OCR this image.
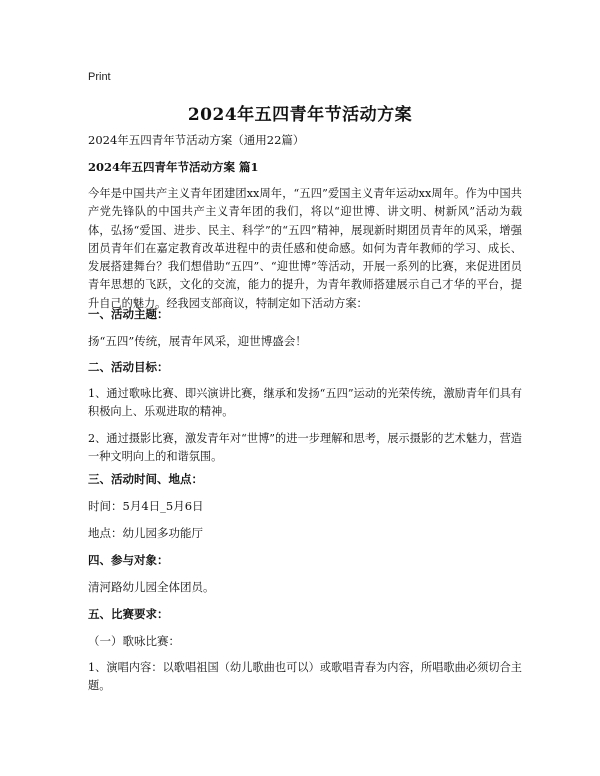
Print
2024年五四青年节活动方案
2024年五四青年节活动方案（通用22篇）
2024年五四青年节活动方案 篇1
今年是中国共产主义青年团建团xx周年，“五四”爱国主义青年运动xx周年。作为中国共产党先锋队的中国共产主义青年团的我们，将以“迎世博、讲文明、树新风”活动为载体，弘扬“爱国、进步、民主、科学”的“五四”精神，展现新时期团员青年的风采，增强团员青年们在嘉定教育改革进程中的责任感和使命感。如何为青年教师的学习、成长、发展搭建舞台？我们想借助“五四”、“迎世博”等活动，开展一系列的比赛，来促进团员青年思想的飞跃，文化的交流，能力的提升，为青年教师搭建展示自己才华的平台，提升自己的魅力。经我园支部商议，特制定如下活动方案：
一、活动主题：
扬“五四”传统，展青年风采，迎世博盛会！
二、活动目标：
1、通过歌咏比赛、即兴演讲比赛，继承和发扬“五四”运动的光荣传统，激励青年们具有积极向上、乐观进取的精神。
2、通过摄影比赛，激发青年对“世博”的进一步理解和思考，展示摄影的艺术魅力，营造一种文明向上的和谐氛围。
三、活动时间、地点：
时间：5月4日_5月6日
地点：幼儿园多功能厅
四、参与对象：
清河路幼儿园全体团员。
五、比赛要求：
（一）歌咏比赛：
1、演唱内容：以歌唱祖国（幼儿歌曲也可以）或歌唱青春为内容，所唱歌曲必须切合主题。
